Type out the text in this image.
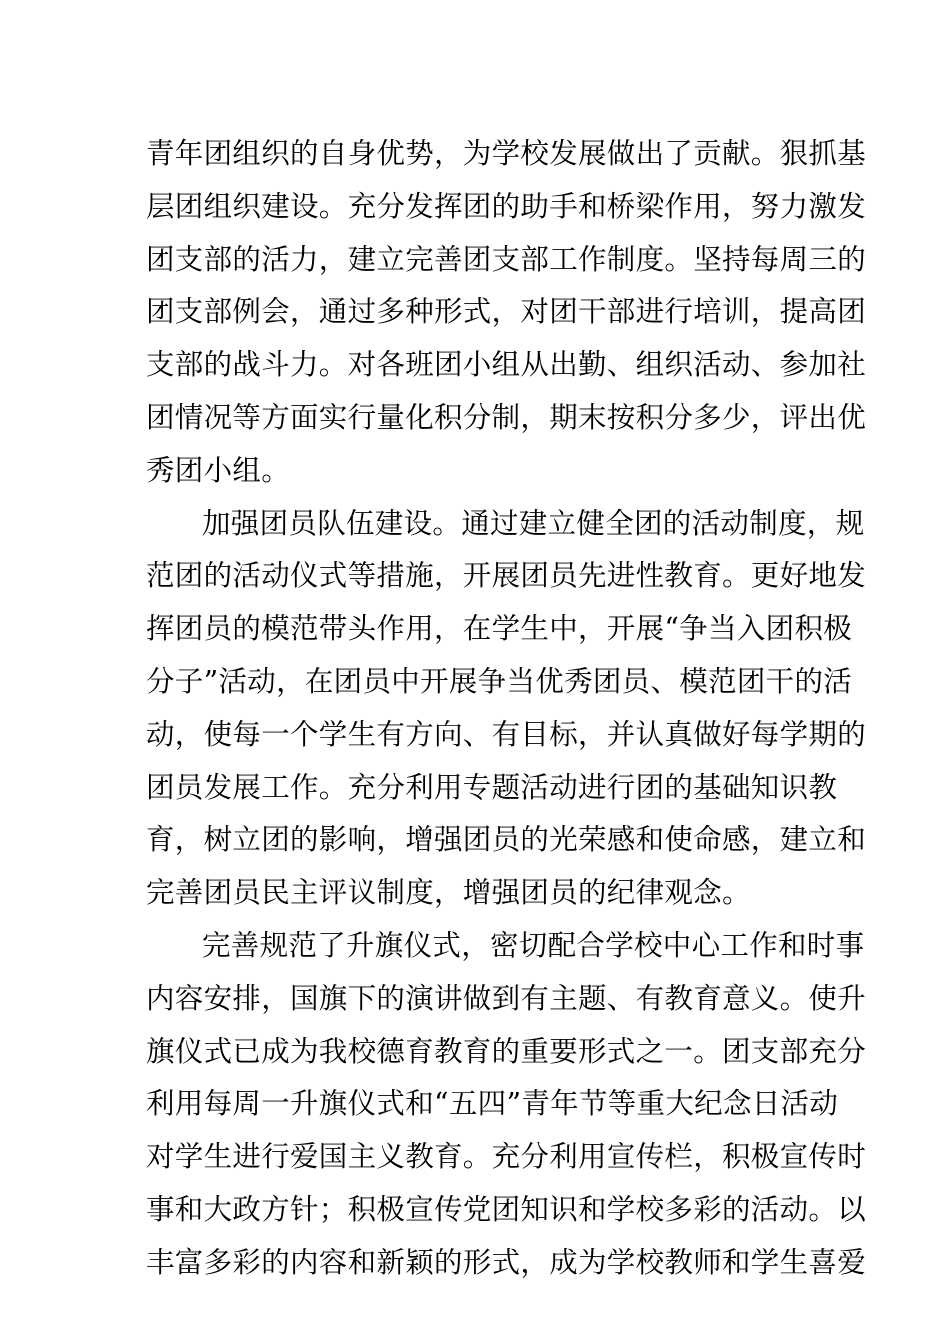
青年团组织的自身优势，为学校发展做出了贡献。狠抓基
层团组织建设。充分发挥团的助手和桥梁作用，努力激发
团支部的活力，建立完善团支部工作制度。坚持每周三的
团支部例会，通过多种形式，对团干部进行培训，提高团
支部的战斗力。对各班团小组从出勤、组织活动、参加社
团情况等方面实行量化积分制，期末按积分多少，评出优
秀团小组。
加强团员队伍建设。通过建立健全团的活动制度，规
范团的活动仪式等措施，开展团员先进性教育。更好地发
挥团员的模范带头作用，在学生中，开展“争当入团积极
分子”活动，在团员中开展争当优秀团员、模范团干的活
动，使每一个学生有方向、有目标，并认真做好每学期的
团员发展工作。充分利用专题活动进行团的基础知识教
育，树立团的影响，增强团员的光荣感和使命感，建立和
完善团员民主评议制度，增强团员的纪律观念。
完善规范了升旗仪式，密切配合学校中心工作和时事
内容安排，国旗下的演讲做到有主题、有教育意义。使升
旗仪式已成为我校德育教育的重要形式之一。团支部充分
利用每周一升旗仪式和“五四”青年节等重大纪念日活动
对学生进行爱国主义教育。充分利用宣传栏，积极宣传时
事和大政方针；积极宣传党团知识和学校多彩的活动。以
丰富多彩的内容和新颖的形式，成为学校教师和学生喜爱
